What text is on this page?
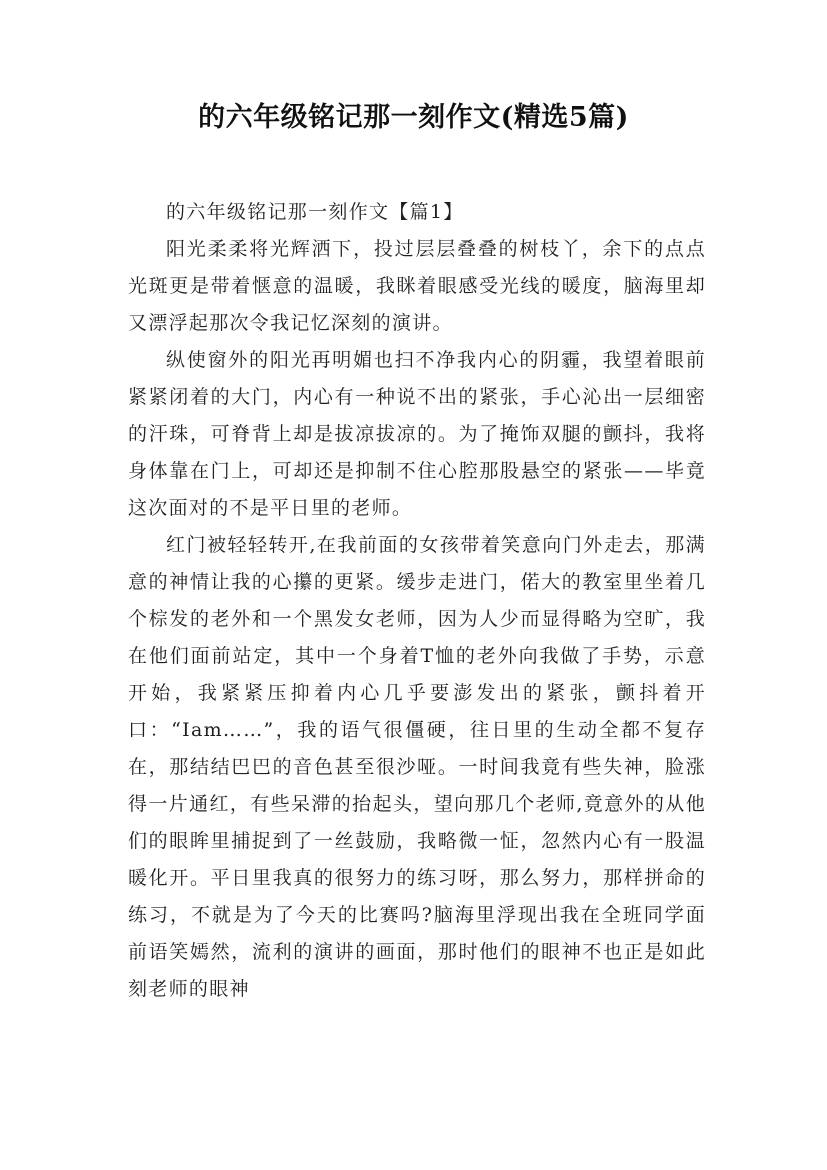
的六年级铭记那一刻作文(精选5篇)

的六年级铭记那一刻作文【篇1】

阳光柔柔将光辉洒下，投过层层叠叠的树枝丫，余下的点点光斑更是带着惬意的温暖，我眯着眼感受光线的暖度，脑海里却又漂浮起那次令我记忆深刻的演讲。

纵使窗外的阳光再明媚也扫不净我内心的阴霾，我望着眼前紧紧闭着的大门，内心有一种说不出的紧张，手心沁出一层细密的汗珠，可脊背上却是拔凉拔凉的。为了掩饰双腿的颤抖，我将身体靠在门上，可却还是抑制不住心腔那股悬空的紧张——毕竟这次面对的不是平日里的老师。

红门被轻轻转开,在我前面的女孩带着笑意向门外走去，那满意的神情让我的心攥的更紧。缓步走进门，偌大的教室里坐着几个棕发的老外和一个黑发女老师，因为人少而显得略为空旷，我在他们面前站定，其中一个身着T恤的老外向我做了手势，示意开始，我紧紧压抑着内心几乎要澎发出的紧张，颤抖着开口：“Iam……”，我的语气很僵硬，往日里的生动全都不复存在，那结结巴巴的音色甚至很沙哑。一时间我竟有些失神，脸涨得一片通红，有些呆滞的抬起头，望向那几个老师,竟意外的从他们的眼眸里捕捉到了一丝鼓励，我略微一怔，忽然内心有一股温暖化开。平日里我真的很努力的练习呀，那么努力，那样拼命的练习，不就是为了今天的比赛吗?脑海里浮现出我在全班同学面前语笑嫣然，流利的演讲的画面，那时他们的眼神不也正是如此刻老师的眼神
